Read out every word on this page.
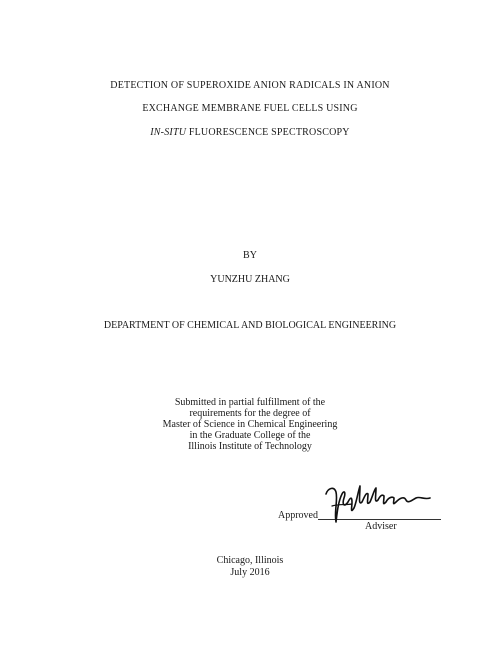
DETECTION OF SUPEROXIDE ANION RADICALS IN ANION
EXCHANGE MEMBRANE FUEL CELLS USING
IN-SITU FLUORESCENCE SPECTROSCOPY
BY
YUNZHU ZHANG
DEPARTMENT OF CHEMICAL AND BIOLOGICAL ENGINEERING
Submitted in partial fulfillment of the
requirements for the degree of
Master of Science in Chemical Engineering
in the Graduate College of the
Illinois Institute of Technology
Approved
Adviser
Chicago, Illinois
July 2016
